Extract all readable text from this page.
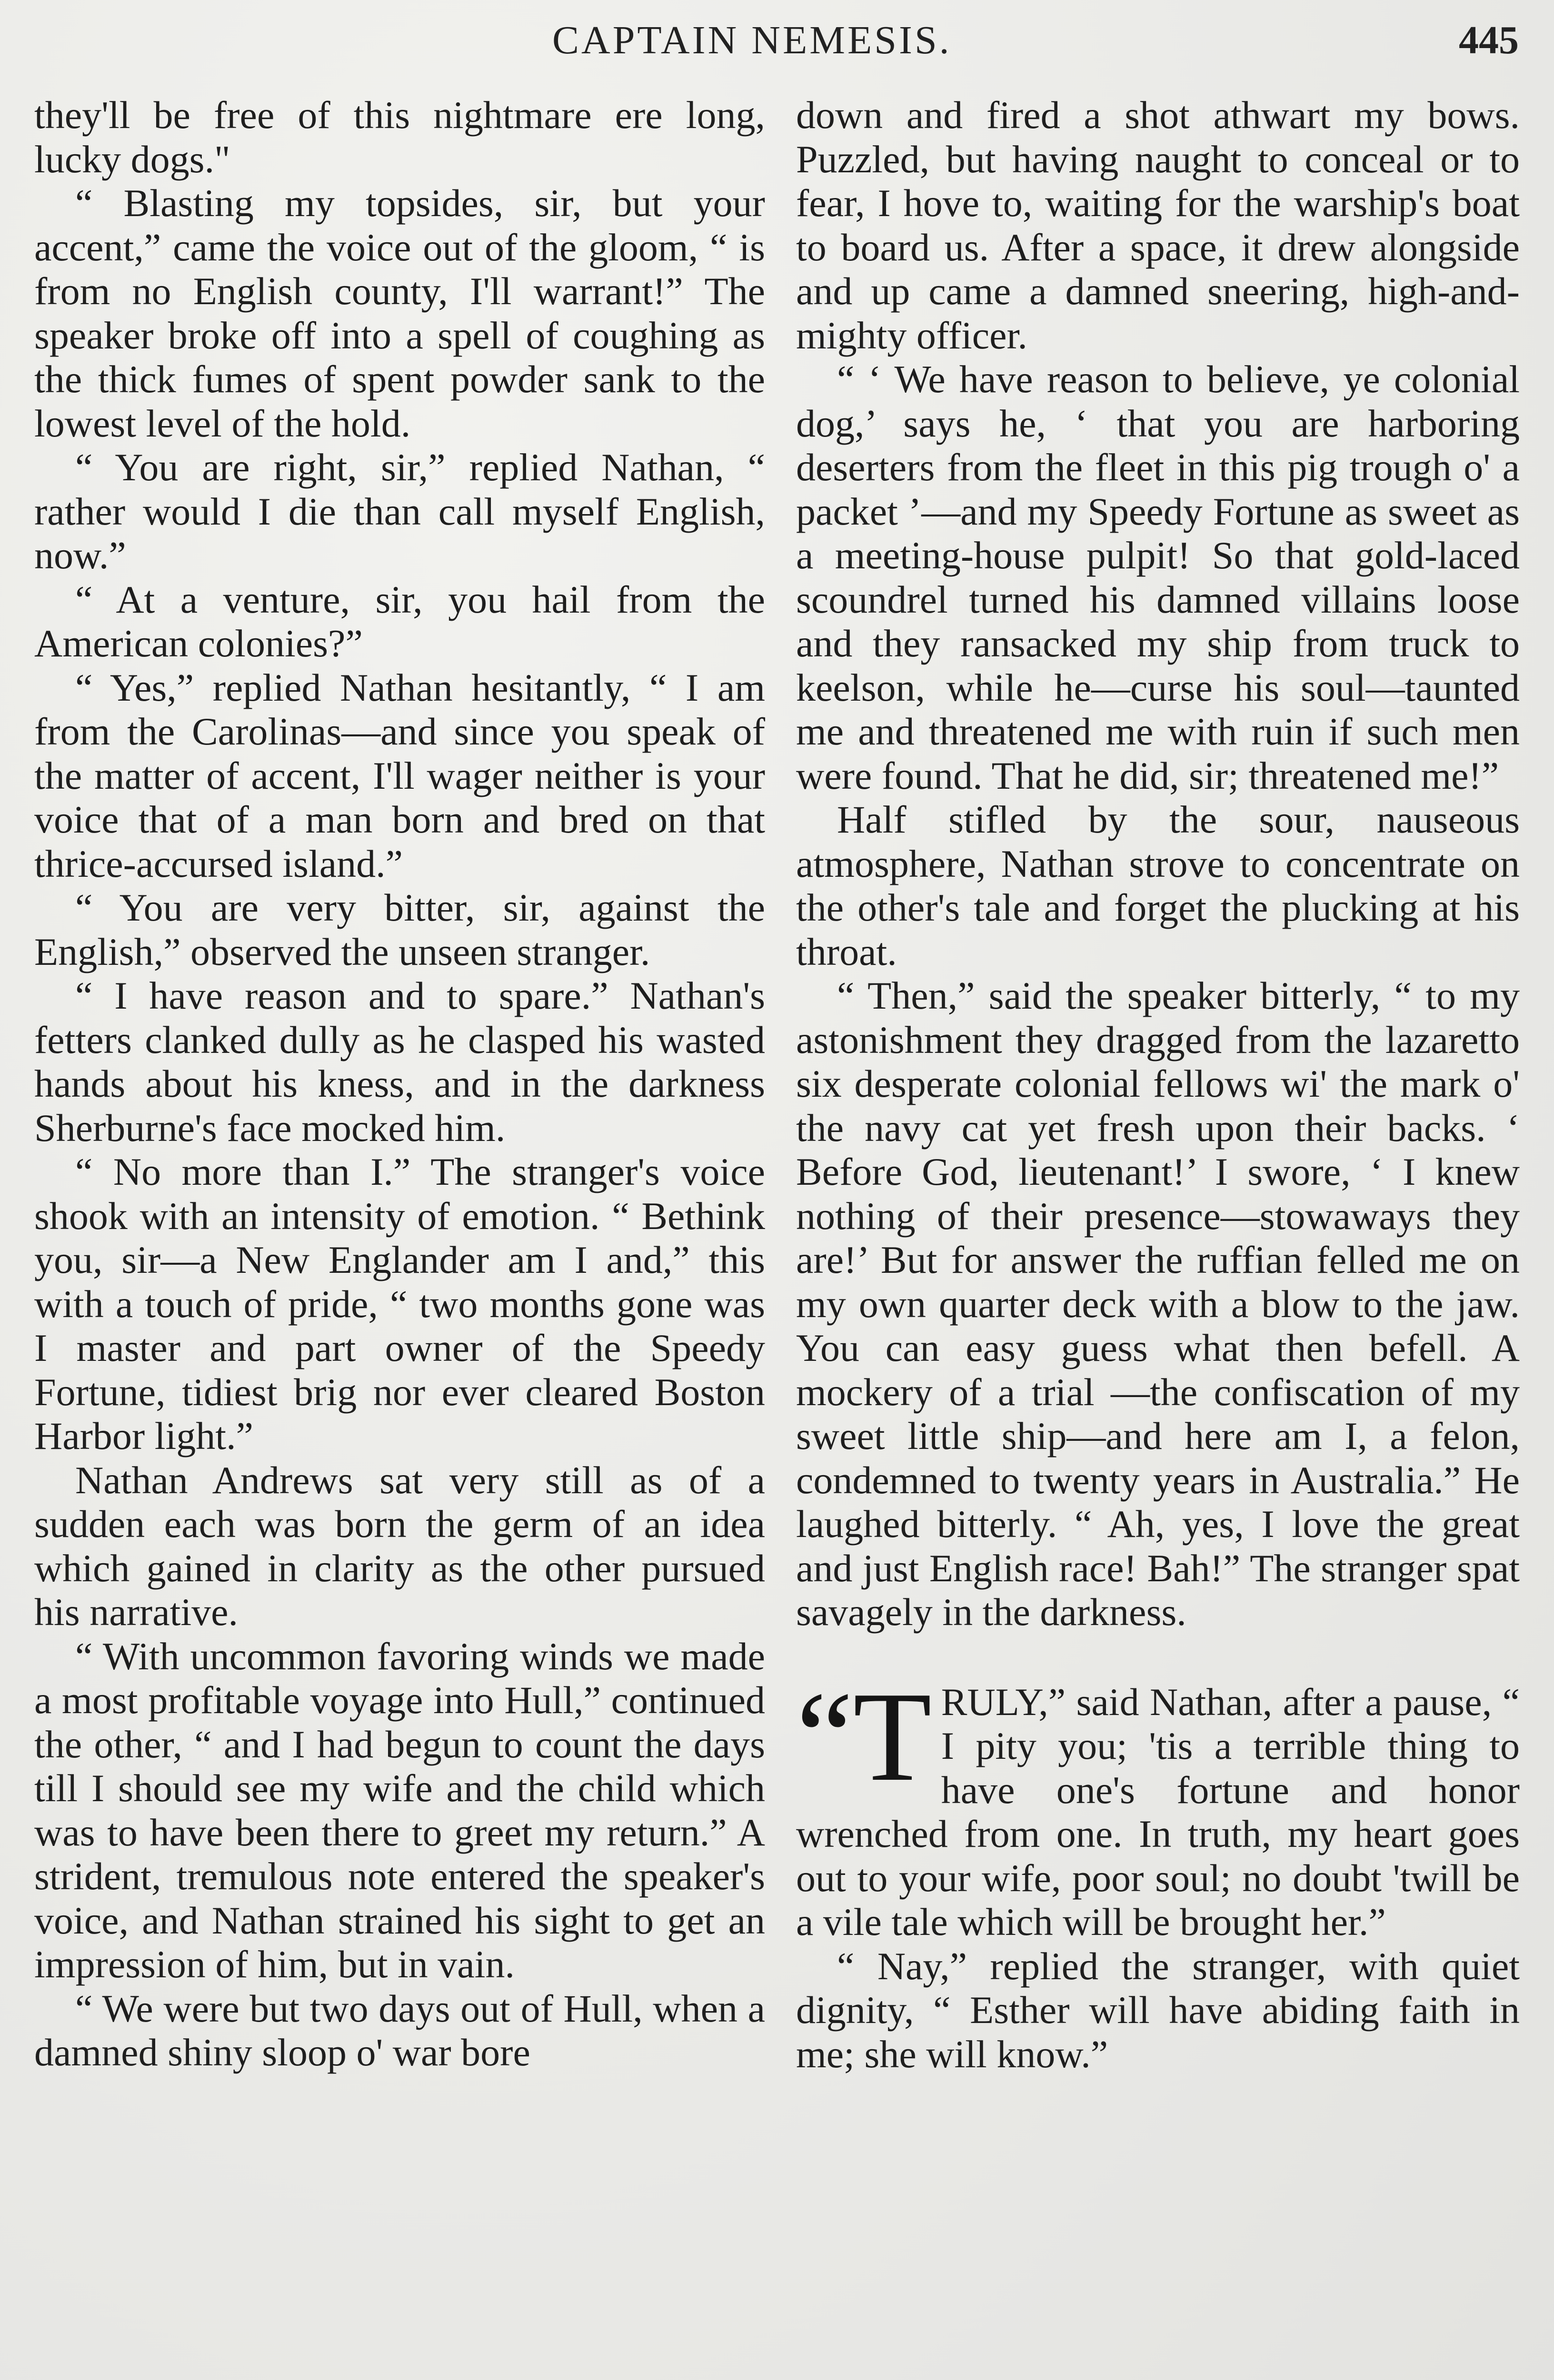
CAPTAIN NEMESIS.	445

they'll be free of this nightmare ere long, lucky dogs."

“ Blasting my topsides, sir, but your accent,” came the voice out of the gloom, “ is from no English county, I'll warrant!” The speaker broke off into a spell of coughing as the thick fumes of spent powder sank to the lowest level of the hold.

“ You are right, sir,” replied Nathan, “ rather would I die than call myself English, now.”

“ At a venture, sir, you hail from the American colonies?”

“ Yes,” replied Nathan hesitantly, “ I am from the Carolinas—and since you speak of the matter of accent, I'll wager neither is your voice that of a man born and bred on that thrice-accursed island.”

“ You are very bitter, sir, against the English,” observed the unseen stranger.

“ I have reason and to spare.” Nathan's fetters clanked dully as he clasped his wasted hands about his kness, and in the darkness Sherburne's face mocked him.

“ No more than I.” The stranger's voice shook with an intensity of emotion. “ Bethink you, sir—a New Englander am I and,” this with a touch of pride, “ two months gone was I master and part owner of the Speedy Fortune, tidiest brig nor ever cleared Boston Harbor light.”

Nathan Andrews sat very still as of a sudden each was born the germ of an idea which gained in clarity as the other pursued his narrative.

“ With uncommon favoring winds we made a most profitable voyage into Hull,” continued the other, “ and I had begun to count the days till I should see my wife and the child which was to have been there to greet my return.” A strident, tremulous note entered the speaker's voice, and Nathan strained his sight to get an impression of him, but in vain.

“ We were but two days out of Hull, when a damned shiny sloop o' war bore

down and fired a shot athwart my bows. Puzzled, but having naught to conceal or to fear, I hove to, waiting for the warship's boat to board us. After a space, it drew alongside and up came a damned sneering, high-and-mighty officer.

“ ‘ We have reason to believe, ye colonial dog,’ says he, ‘ that you are harboring deserters from the fleet in this pig trough o' a packet ’—and my Speedy Fortune as sweet as a meeting-house pulpit! So that gold-laced scoundrel turned his damned villains loose and they ransacked my ship from truck to keelson, while he—curse his soul—taunted me and threatened me with ruin if such men were found. That he did, sir; threatened me!”

Half stifled by the sour, nauseous atmosphere, Nathan strove to concentrate on the other's tale and forget the plucking at his throat.

“ Then,” said the speaker bitterly, “ to my astonishment they dragged from the lazaretto six desperate colonial fellows wi' the mark o' the navy cat yet fresh upon their backs. ‘ Before God, lieutenant!’ I swore, ‘ I knew nothing of their presence—stowaways they are!’ But for answer the ruffian felled me on my own quarter deck with a blow to the jaw. You can easy guess what then befell. A mockery of a trial —the confiscation of my sweet little ship—and here am I, a felon, condemned to twenty years in Australia.” He laughed bitterly. “ Ah, yes, I love the great and just English race! Bah!” The stranger spat savagely in the darkness.

“T RULY,” said Nathan, after a pause, “ I pity you; 'tis a terrible thing to have one's fortune and honor wrenched from one. In truth, my heart goes out to your wife, poor soul; no doubt 'twill be a vile tale which will be brought her.”

“ Nay,” replied the stranger, with quiet dignity, “ Esther will have abiding faith in me; she will know.”
